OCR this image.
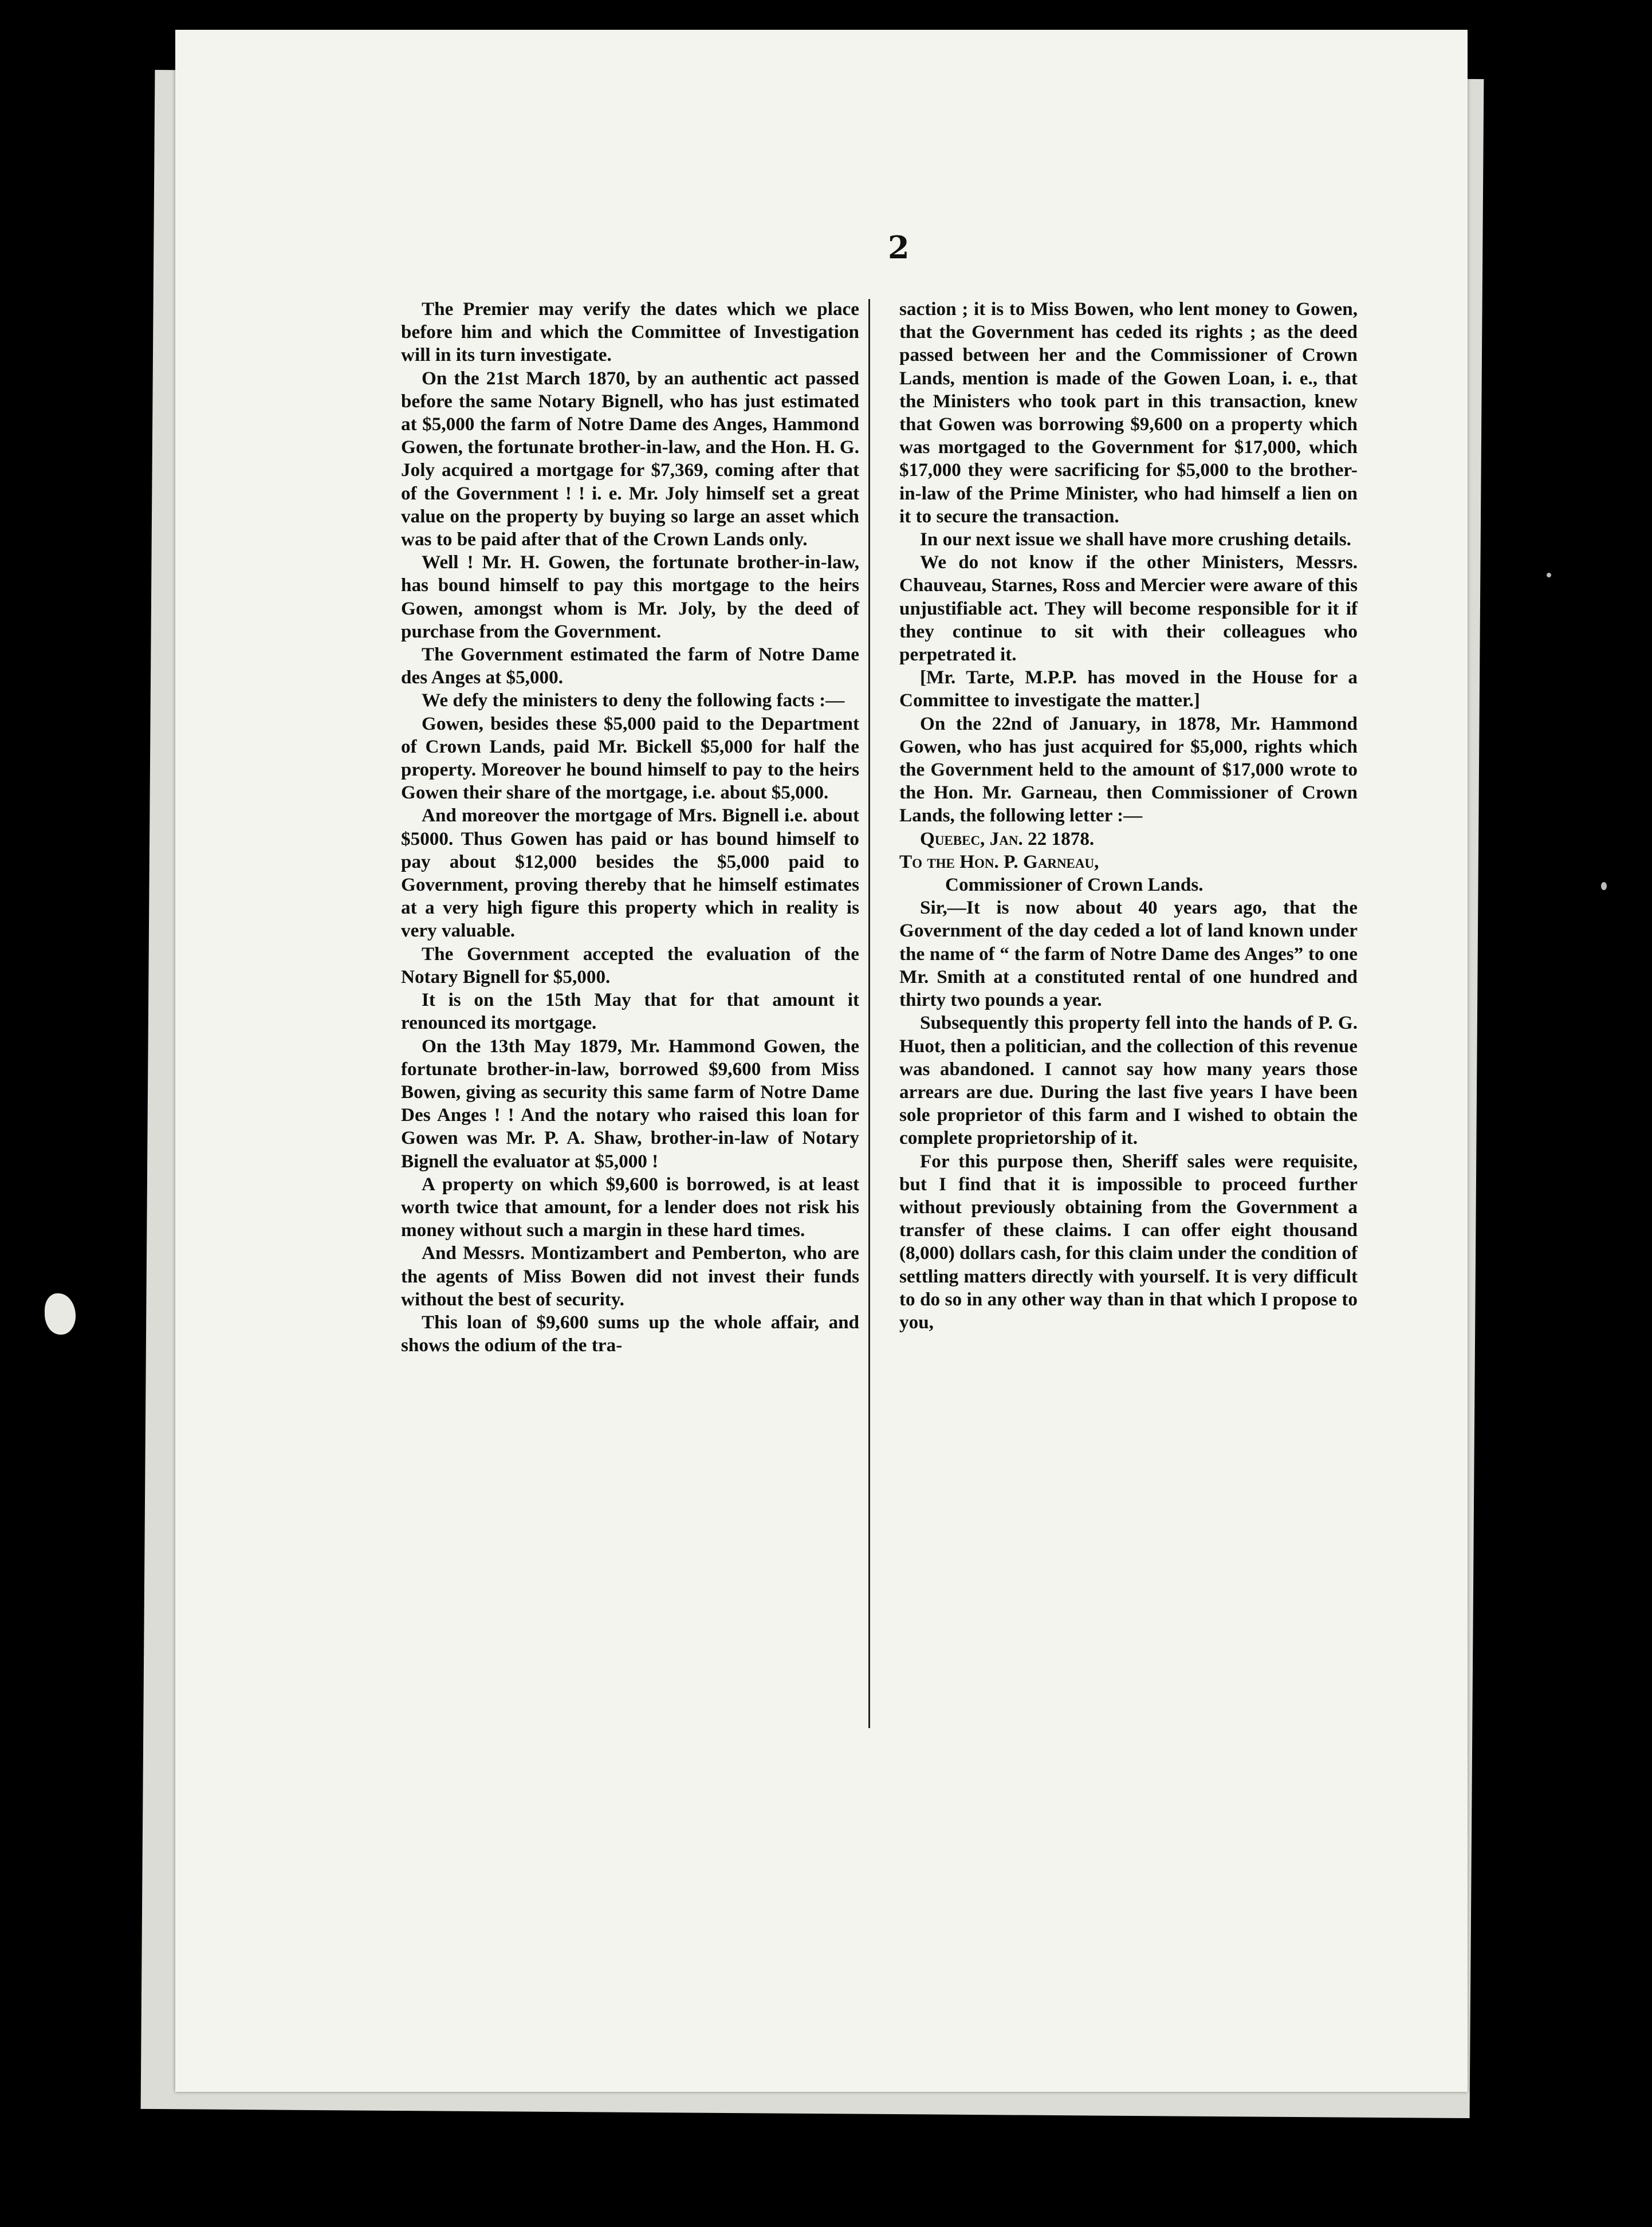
2

The Premier may verify the dates which we place before him and which the Committee of Investigation will in its turn investigate.

On the 21st March 1870, by an authentic act passed before the same Notary Bignell, who has just estimated at $5,000 the farm of Notre Dame des Anges, Hammond Gowen, the fortunate brother-in-law, and the Hon. H. G. Joly acquired a mortgage for $7,369, coming after that of the Government ! ! i. e. Mr. Joly himself set a great value on the property by buying so large an asset which was to be paid after that of the Crown Lands only.

Well ! Mr. H. Gowen, the fortunate brother-in-law, has bound himself to pay this mortgage to the heirs Gowen, amongst whom is Mr. Joly, by the deed of purchase from the Government.

The Government estimated the farm of Notre Dame des Anges at $5,000.

We defy the ministers to deny the following facts :—

Gowen, besides these $5,000 paid to the Department of Crown Lands, paid Mr. Bickell $5,000 for half the property. Moreover he bound himself to pay to the heirs Gowen their share of the mortgage, i.e. about $5,000.

And moreover the mortgage of Mrs. Bignell i.e. about $5000. Thus Gowen has paid or has bound himself to pay about $12,000 besides the $5,000 paid to Government, proving thereby that he himself estimates at a very high figure this property which in reality is very valuable.

The Government accepted the evaluation of the Notary Bignell for $5,000.

It is on the 15th May that for that amount it renounced its mortgage.

On the 13th May 1879, Mr. Hammond Gowen, the fortunate brother-in-law, borrowed $9,600 from Miss Bowen, giving as security this same farm of Notre Dame Des Anges ! ! And the notary who raised this loan for Gowen was Mr. P. A. Shaw, brother-in-law of Notary Bignell the evaluator at $5,000 !

A property on which $9,600 is borrowed, is at least worth twice that amount, for a lender does not risk his money without such a margin in these hard times.

And Messrs. Montizambert and Pemberton, who are the agents of Miss Bowen did not invest their funds without the best of security.

This loan of $9,600 sums up the whole affair, and shows the odium of the tra-

saction ; it is to Miss Bowen, who lent money to Gowen, that the Government has ceded its rights ; as the deed passed between her and the Commissioner of Crown Lands, mention is made of the Gowen Loan, i. e., that the Ministers who took part in this transaction, knew that Gowen was borrowing $9,600 on a property which was mortgaged to the Government for $17,000, which $17,000 they were sacrificing for $5,000 to the brother-in-law of the Prime Minister, who had himself a lien on it to secure the transaction.

In our next issue we shall have more crushing details.

We do not know if the other Ministers, Messrs. Chauveau, Starnes, Ross and Mercier were aware of this unjustifiable act. They will become responsible for it if they continue to sit with their colleagues who perpetrated it.

[Mr. Tarte, M.P.P. has moved in the House for a Committee to investigate the matter.]

On the 22nd of January, in 1878, Mr. Hammond Gowen, who has just acquired for $5,000, rights which the Government held to the amount of $17,000 wrote to the Hon. Mr. Garneau, then Commissioner of Crown Lands, the following letter :—

Quebec, Jan. 22 1878.

To the Hon. P. Garneau,

Commissioner of Crown Lands.

Sir,—It is now about 40 years ago, that the Government of the day ceded a lot of land known under the name of “ the farm of Notre Dame des Anges” to one Mr. Smith at a constituted rental of one hundred and thirty two pounds a year.

Subsequently this property fell into the hands of P. G. Huot, then a politician, and the collection of this revenue was abandoned. I cannot say how many years those arrears are due. During the last five years I have been sole proprietor of this farm and I wished to obtain the complete proprietorship of it.

For this purpose then, Sheriff sales were requisite, but I find that it is impossible to proceed further without previously obtaining from the Government a transfer of these claims. I can offer eight thousand (8,000) dollars cash, for this claim under the condition of settling matters directly with yourself. It is very difficult to do so in any other way than in that which I propose to you,
